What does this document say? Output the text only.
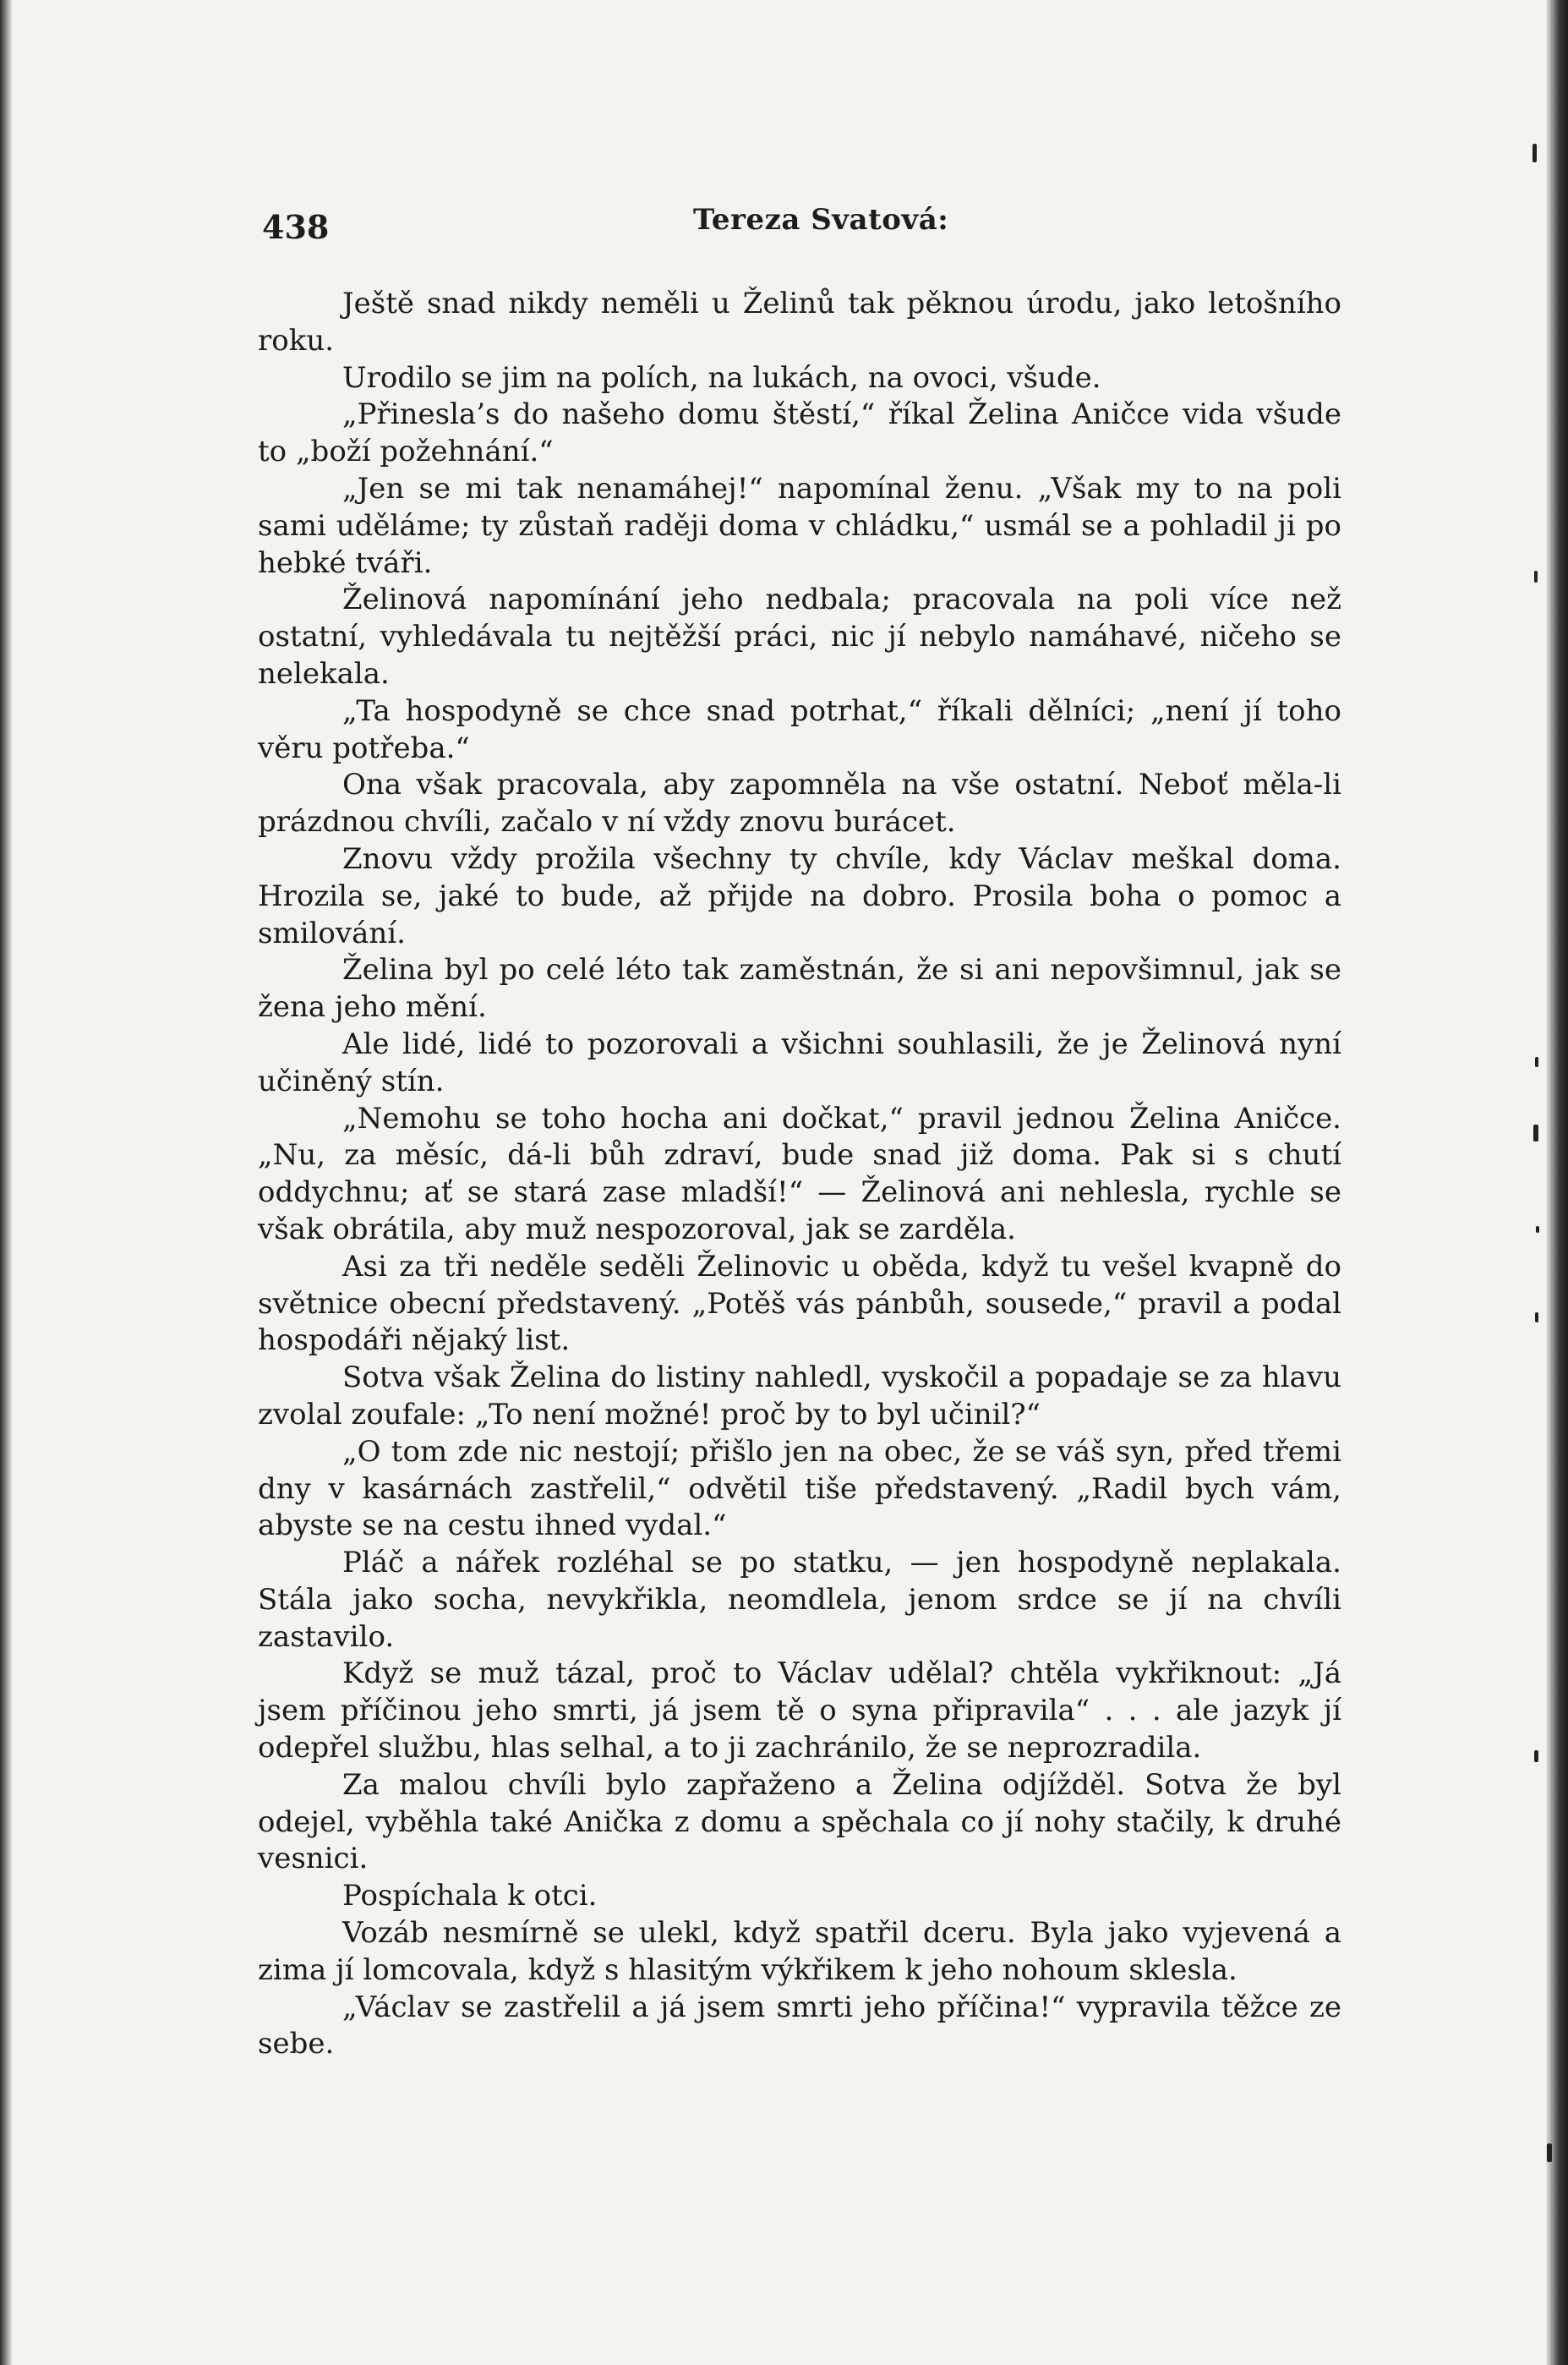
438	Tereza Svatová:

Ještě snad nikdy neměli u Želinů tak pěknou úrodu, jako letošního roku.

Urodilo se jim na polích, na lukách, na ovoci, všude.

„Přinesla’s do našeho domu štěstí,“ říkal Želina Aničce vida všude to „boží požehnání.“

„Jen se mi tak nenamáhej!“ napomínal ženu. „Však my to na poli sami uděláme; ty zůstaň raději doma v chládku,“ usmál se a pohladil ji po hebké tváři.

Želinová napomínání jeho nedbala; pracovala na poli více než ostatní, vyhledávala tu nejtěžší práci, nic jí nebylo namáhavé, ničeho se nelekala.

„Ta hospodyně se chce snad potrhat,“ říkali dělníci; „není jí toho věru potřeba.“

Ona však pracovala, aby zapomněla na vše ostatní. Neboť měla-li prázdnou chvíli, začalo v ní vždy znovu burácet.

Znovu vždy prožila všechny ty chvíle, kdy Václav meškal doma. Hrozila se, jaké to bude, až přijde na dobro. Prosila boha o pomoc a smilování.

Želina byl po celé léto tak zaměstnán, že si ani nepovšimnul, jak se žena jeho mění.

Ale lidé, lidé to pozorovali a všichni souhlasili, že je Želinová nyní učiněný stín.

„Nemohu se toho hocha ani dočkat,“ pravil jednou Želina Aničce. „Nu, za měsíc, dá-li bůh zdraví, bude snad již doma. Pak si s chutí oddychnu; ať se stará zase mladší!“ — Želinová ani nehlesla, rychle se však obrátila, aby muž nespozoroval, jak se zarděla.

Asi za tři neděle seděli Želinovic u oběda, když tu vešel kvapně do světnice obecní představený. „Potěš vás pánbůh, sousede,“ pravil a podal hospodáři nějaký list.

Sotva však Želina do listiny nahledl, vyskočil a popadaje se za hlavu zvolal zoufale: „To není možné! proč by to byl učinil?“

„O tom zde nic nestojí; přišlo jen na obec, že se váš syn, před třemi dny v kasárnách zastřelil,“ odvětil tiše představený. „Radil bych vám, abyste se na cestu ihned vydal.“

Pláč a nářek rozléhal se po statku, — jen hospodyně neplakala. Stála jako socha, nevykřikla, neomdlela, jenom srdce se jí na chvíli zastavilo.

Když se muž tázal, proč to Václav udělal? chtěla vykřiknout: „Já jsem příčinou jeho smrti, já jsem tě o syna připravila“ . . . ale jazyk jí odepřel službu, hlas selhal, a to ji zachránilo, že se neprozradila.

Za malou chvíli bylo zapřaženo a Želina odjížděl. Sotva že byl odejel, vyběhla také Anička z domu a spěchala co jí nohy stačily, k druhé vesnici.

Pospíchala k otci.

Vozáb nesmírně se ulekl, když spatřil dceru. Byla jako vyjevená a zima jí lomcovala, když s hlasitým výkřikem k jeho nohoum sklesla.

„Václav se zastřelil a já jsem smrti jeho příčina!“ vypravila těžce ze sebe.
